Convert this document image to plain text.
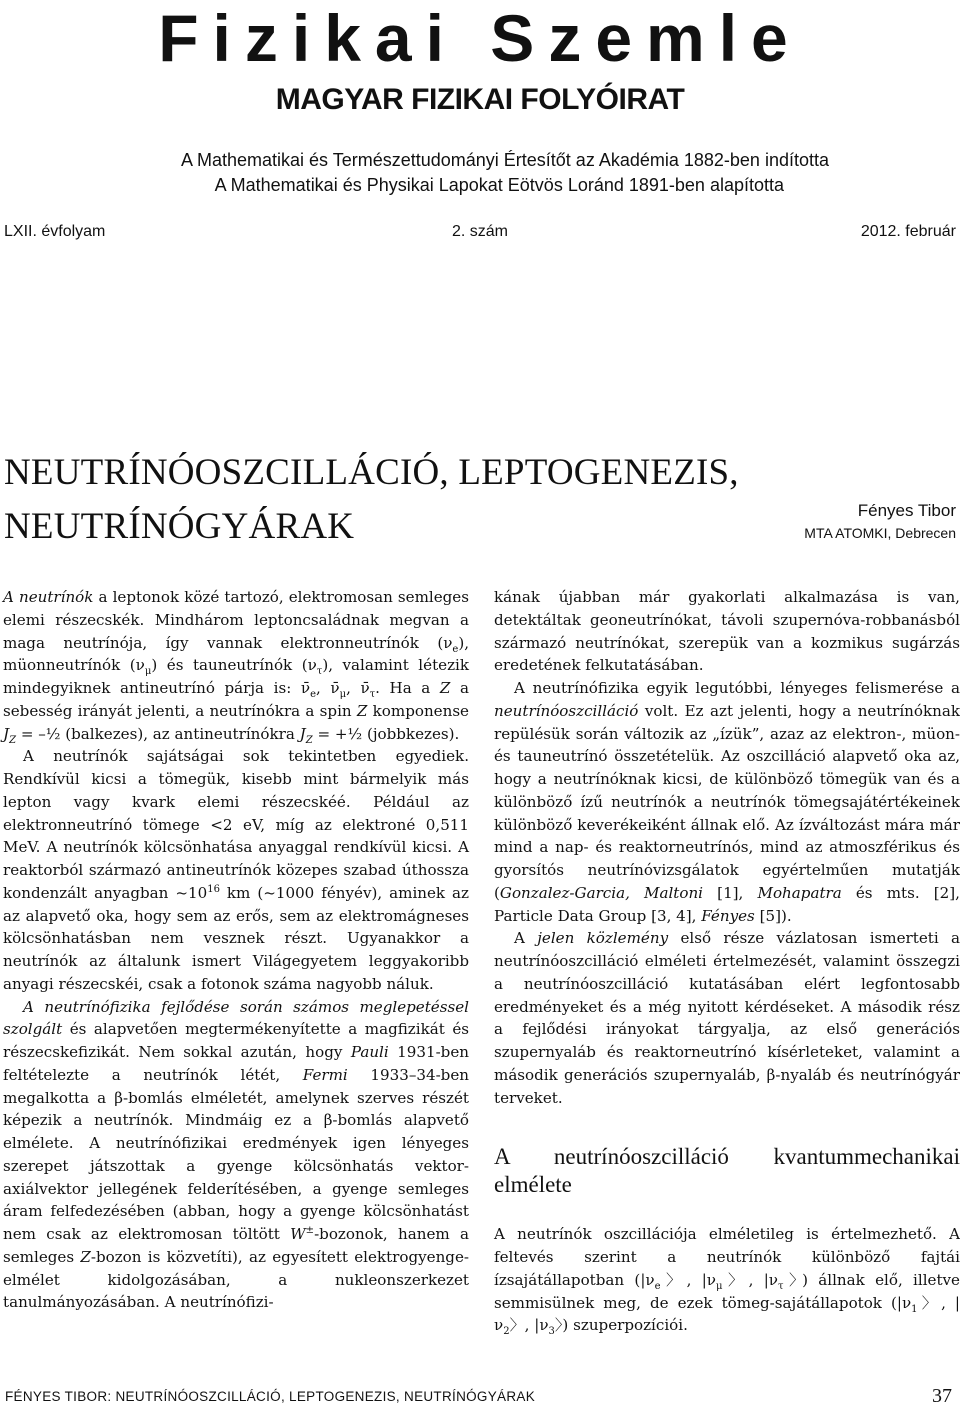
Fizikai Szemle
MAGYAR FIZIKAI FOLYÓIRAT
A Mathematikai és Természettudományi Értesítőt az Akadémia 1882-ben indította
A Mathematikai és Physikai Lapokat Eötvös Loránd 1891-ben alapította
LXII. évfolyam	2. szám	2012. február
NEUTRÍNÓOSZCILLÁCIÓ, LEPTOGENEZIS,
NEUTRÍNÓGYÁRAK	Fényes Tibor
MTA ATOMKI, Debrecen

A neutrínók a leptonok közé tartozó, elektromosan semleges elemi részecskék. Mindhárom leptoncsaládnak megvan a maga neutrínója, így vannak elektronneutrínók $(\nu_e)$, müonneutrínók $(\nu_\mu)$ és tauneutrínók $(\nu_\tau)$, valamint létezik mindegyiknek antineutrínó párja is: $\nū_e$, $\nū_\mu$, $\nū_\tau$. Ha a Z a sebesség irányát jelenti, a neutrínókra a spin Z komponense $J_Z$ = –½ (balkezes), az antineutrínókra $J_Z$ = +½ (jobbkezes).

A neutrínók sajátságai sok tekintetben egyediek. Rendkívül kicsi a tömegük, kisebb mint bármelyik más lepton vagy kvark elemi részecskéé. Például az elektronneutrínó tömege <2 eV, míg az elektroné 0,511 MeV. A neutrínók kölcsönhatása anyaggal rendkívül kicsi. A reaktorból származó antineutrínók közepes szabad úthossza kondenzált anyagban $\sim 10^{16}$ km (~1000 fényév), aminek az az alapvető oka, hogy sem az erős, sem az elektromágneses kölcsönhatásban nem vesznek részt. Ugyanakkor a neutrínók az általunk ismert Világegyetem leggyakoribb anyagi részecskéi, csak a fotonok száma nagyobb náluk.

A neutrínófizika fejlődése során számos meglepetéssel szolgált és alapvetően megtermékenyítette a magfizikát és részecskefizikát. Nem sokkal azután, hogy Pauli 1931-ben feltételezte a neutrínók létét, Fermi 1933–34-ben megalkotta a β-bomlás elméletét, amelynek szerves részét képezik a neutrínók. Mindmáig ez a β-bomlás alapvető elmélete. A neutrínófizikai eredmények igen lényeges szerepet játszottak a gyenge kölcsönhatás vektor-axiálvektor jellegének felderítésében, a gyenge semleges áram felfedezésében (abban, hogy a gyenge kölcsönhatást nem csak az elektromosan töltött W±-bozonok, hanem a semleges Z-bozon is közvetíti), az egyesített elektrogyenge-elmélet kidolgozásában, a nukleonszerkezet tanulmányozásában. A neutrínófizi-

kának újabban már gyakorlati alkalmazása is van, detektáltak geoneutrínókat, távoli szupernóva-robbanásból származó neutrínókat, szerepük van a kozmikus sugárzás eredetének felkutatásában.

A neutrínófizika egyik legutóbbi, lényeges felismerése a neutrínóoszcilláció volt. Ez azt jelenti, hogy a neutrínóknak repülésük során változik az „ízük”, azaz az elektron-, müon- és tauneutrínó összetételük. Az oszcilláció alapvető oka az, hogy a neutrínóknak kicsi, de különböző tömegük van és a különböző ízű neutrínók a neutrínók tömegsajátértékeinek különböző keverékeiként állnak elő. Az ízváltozást mára már mind a nap- és reaktorneutrínós, mind az atmoszférikus és gyorsítós neutrínóvizsgálatok egyértelműen mutatják (Gonzalez-Garcia, Maltoni [1], Mohapatra és mts. [2], Particle Data Group [3, 4], Fényes [5]).

A jelen közlemény első része vázlatosan ismerteti a neutrínóoszcilláció elméleti értelmezését, valamint összegzi a neutrínóoszcilláció kutatásában elért legfontosabb eredményeket és a még nyitott kérdéseket. A második rész a fejlődési irányokat tárgyalja, az első generációs szupernyaláb és reaktorneutrínó kísérleteket, valamint a második generációs szupernyaláb, β-nyaláb és neutrínógyár terveket.

A neutrínóoszcilláció kvantummechanikai elmélete

A neutrínók oszcillációja elméletileg is értelmezhető. A feltevés szerint a neutrínók különböző fajtái ízsajátállapotban ($|\nu_e$〉, $|\nu_\mu$〉, $|\nu_\tau$〉) állnak elő, illetve semmisülnek meg, de ezek tömeg-sajátállapotok ($|\nu_1$〉, $|\nu_2$〉, $|\nu_3$〉) szuperpozíciói.

FÉNYES TIBOR: NEUTRÍNÓOSZCILLÁCIÓ, LEPTOGENEZIS, NEUTRÍNÓGYÁRAK	37
